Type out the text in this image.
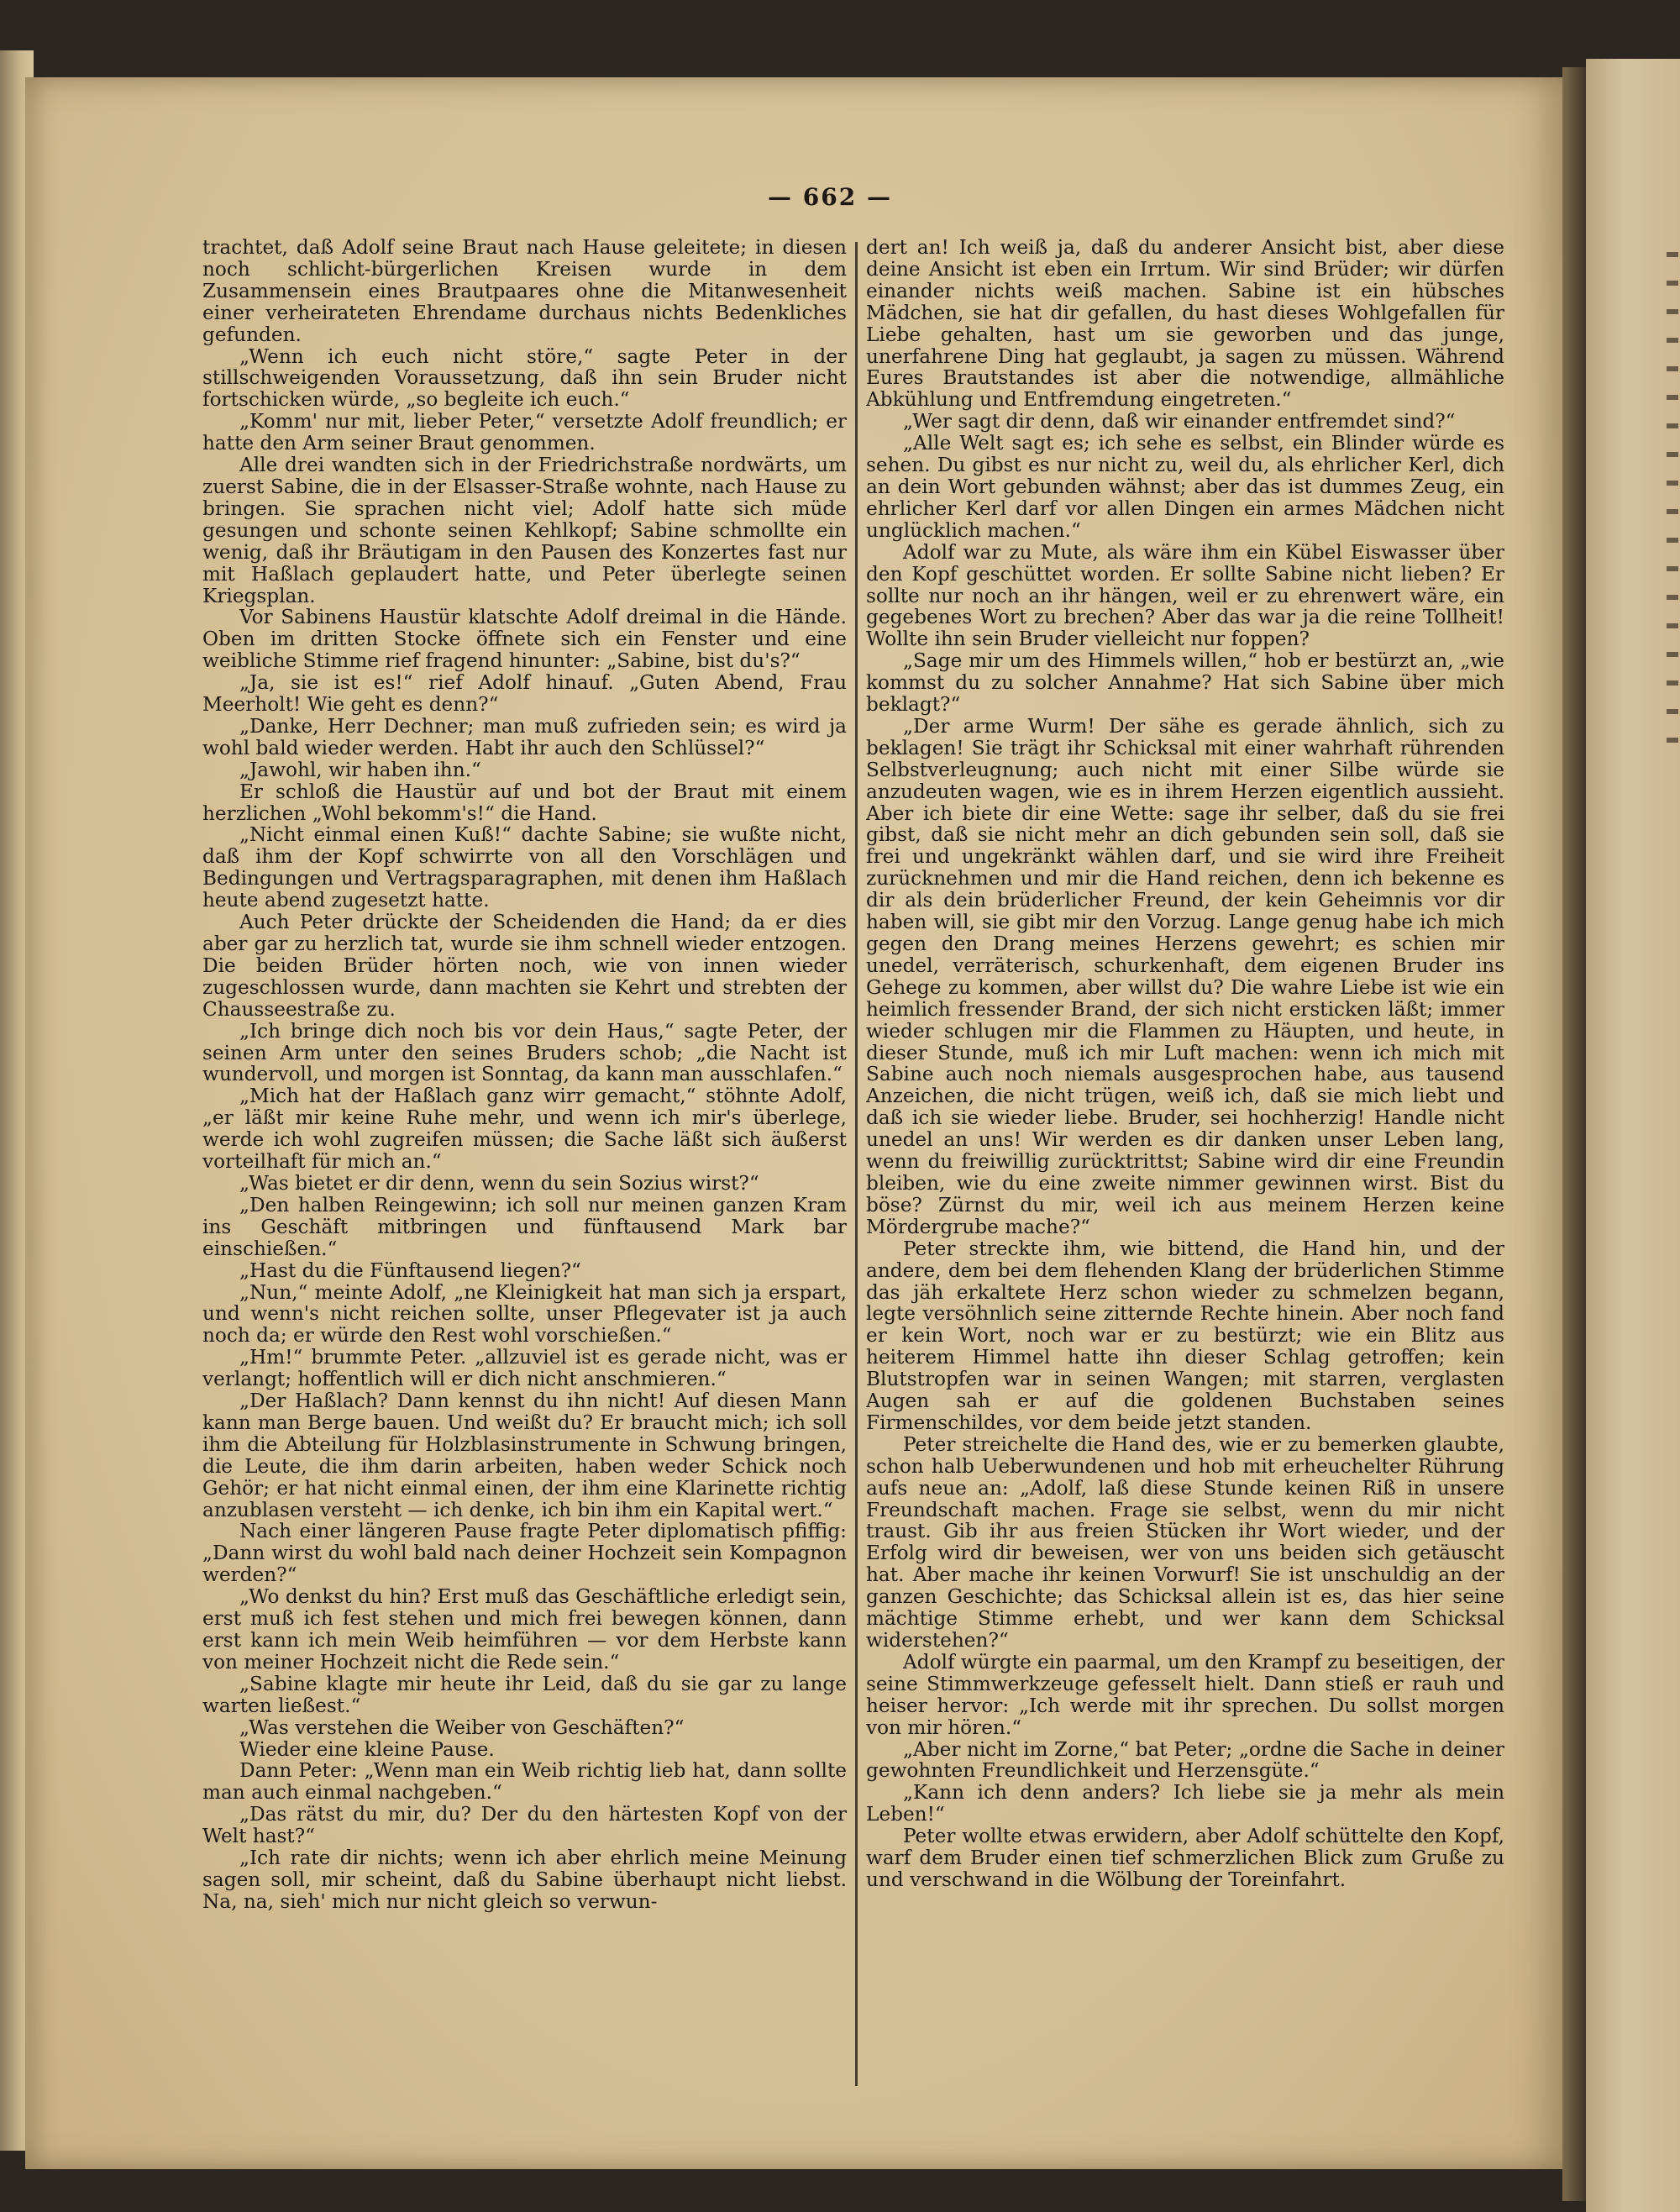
— 662 —

trachtet, daß Adolf seine Braut nach Hause geleitete; in diesen noch schlicht-bürgerlichen Kreisen wurde in dem Zusammensein eines Brautpaares ohne die Mitanwesenheit einer verheirateten Ehrendame durchaus nichts Bedenkliches gefunden.

„Wenn ich euch nicht störe,“ sagte Peter in der stillschweigenden Voraussetzung, daß ihn sein Bruder nicht fortschicken würde, „so begleite ich euch.“

„Komm' nur mit, lieber Peter,“ versetzte Adolf freundlich; er hatte den Arm seiner Braut genommen.

Alle drei wandten sich in der Friedrichstraße nordwärts, um zuerst Sabine, die in der Elsasser-Straße wohnte, nach Hause zu bringen. Sie sprachen nicht viel; Adolf hatte sich müde gesungen und schonte seinen Kehlkopf; Sabine schmollte ein wenig, daß ihr Bräutigam in den Pausen des Konzertes fast nur mit Haßlach geplaudert hatte, und Peter überlegte seinen Kriegsplan.

Vor Sabinens Haustür klatschte Adolf dreimal in die Hände. Oben im dritten Stocke öffnete sich ein Fenster und eine weibliche Stimme rief fragend hinunter: „Sabine, bist du's?“

„Ja, sie ist es!“ rief Adolf hinauf. „Guten Abend, Frau Meerholt! Wie geht es denn?“

„Danke, Herr Dechner; man muß zufrieden sein; es wird ja wohl bald wieder werden. Habt ihr auch den Schlüssel?“

„Jawohl, wir haben ihn.“

Er schloß die Haustür auf und bot der Braut mit einem herzlichen „Wohl bekomm's!“ die Hand.

„Nicht einmal einen Kuß!“ dachte Sabine; sie wußte nicht, daß ihm der Kopf schwirrte von all den Vorschlägen und Bedingungen und Vertragsparagraphen, mit denen ihm Haßlach heute abend zugesetzt hatte.

Auch Peter drückte der Scheidenden die Hand; da er dies aber gar zu herzlich tat, wurde sie ihm schnell wieder entzogen. Die beiden Brüder hörten noch, wie von innen wieder zugeschlossen wurde, dann machten sie Kehrt und strebten der Chausseestraße zu.

„Ich bringe dich noch bis vor dein Haus,“ sagte Peter, der seinen Arm unter den seines Bruders schob; „die Nacht ist wundervoll, und morgen ist Sonntag, da kann man ausschlafen.“

„Mich hat der Haßlach ganz wirr gemacht,“ stöhnte Adolf, „er läßt mir keine Ruhe mehr, und wenn ich mir's überlege, werde ich wohl zugreifen müssen; die Sache läßt sich äußerst vorteilhaft für mich an.“

„Was bietet er dir denn, wenn du sein Sozius wirst?“

„Den halben Reingewinn; ich soll nur meinen ganzen Kram ins Geschäft mitbringen und fünftausend Mark bar einschießen.“

„Hast du die Fünftausend liegen?“

„Nun,“ meinte Adolf, „ne Kleinigkeit hat man sich ja erspart, und wenn's nicht reichen sollte, unser Pflegevater ist ja auch noch da; er würde den Rest wohl vorschießen.“

„Hm!“ brummte Peter. „allzuviel ist es gerade nicht, was er verlangt; hoffentlich will er dich nicht anschmieren.“

„Der Haßlach? Dann kennst du ihn nicht! Auf diesen Mann kann man Berge bauen. Und weißt du? Er braucht mich; ich soll ihm die Abteilung für Holzblasinstrumente in Schwung bringen, die Leute, die ihm darin arbeiten, haben weder Schick noch Gehör; er hat nicht einmal einen, der ihm eine Klarinette richtig anzublasen versteht — ich denke, ich bin ihm ein Kapital wert.“

Nach einer längeren Pause fragte Peter diplomatisch pfiffig: „Dann wirst du wohl bald nach deiner Hochzeit sein Kompagnon werden?“

„Wo denkst du hin? Erst muß das Geschäftliche erledigt sein, erst muß ich fest stehen und mich frei bewegen können, dann erst kann ich mein Weib heimführen — vor dem Herbste kann von meiner Hochzeit nicht die Rede sein.“

„Sabine klagte mir heute ihr Leid, daß du sie gar zu lange warten ließest.“

„Was verstehen die Weiber von Geschäften?“

Wieder eine kleine Pause.

Dann Peter: „Wenn man ein Weib richtig lieb hat, dann sollte man auch einmal nachgeben.“

„Das rätst du mir, du? Der du den härtesten Kopf von der Welt hast?“

„Ich rate dir nichts; wenn ich aber ehrlich meine Meinung sagen soll, mir scheint, daß du Sabine überhaupt nicht liebst. Na, na, sieh' mich nur nicht gleich so verwun-

dert an! Ich weiß ja, daß du anderer Ansicht bist, aber diese deine Ansicht ist eben ein Irrtum. Wir sind Brüder; wir dürfen einander nichts weiß machen. Sabine ist ein hübsches Mädchen, sie hat dir gefallen, du hast dieses Wohlgefallen für Liebe gehalten, hast um sie geworben und das junge, unerfahrene Ding hat geglaubt, ja sagen zu müssen. Während Eures Brautstandes ist aber die notwendige, allmähliche Abkühlung und Entfremdung eingetreten.“

„Wer sagt dir denn, daß wir einander entfremdet sind?“

„Alle Welt sagt es; ich sehe es selbst, ein Blinder würde es sehen. Du gibst es nur nicht zu, weil du, als ehrlicher Kerl, dich an dein Wort gebunden wähnst; aber das ist dummes Zeug, ein ehrlicher Kerl darf vor allen Dingen ein armes Mädchen nicht unglücklich machen.“

Adolf war zu Mute, als wäre ihm ein Kübel Eiswasser über den Kopf geschüttet worden. Er sollte Sabine nicht lieben? Er sollte nur noch an ihr hängen, weil er zu ehrenwert wäre, ein gegebenes Wort zu brechen? Aber das war ja die reine Tollheit! Wollte ihn sein Bruder vielleicht nur foppen?

„Sage mir um des Himmels willen,“ hob er bestürzt an, „wie kommst du zu solcher Annahme? Hat sich Sabine über mich beklagt?“

„Der arme Wurm! Der sähe es gerade ähnlich, sich zu beklagen! Sie trägt ihr Schicksal mit einer wahrhaft rührenden Selbstverleugnung; auch nicht mit einer Silbe würde sie anzudeuten wagen, wie es in ihrem Herzen eigentlich aussieht. Aber ich biete dir eine Wette: sage ihr selber, daß du sie frei gibst, daß sie nicht mehr an dich gebunden sein soll, daß sie frei und ungekränkt wählen darf, und sie wird ihre Freiheit zurücknehmen und mir die Hand reichen, denn ich bekenne es dir als dein brüderlicher Freund, der kein Geheimnis vor dir haben will, sie gibt mir den Vorzug. Lange genug habe ich mich gegen den Drang meines Herzens gewehrt; es schien mir unedel, verräterisch, schurkenhaft, dem eigenen Bruder ins Gehege zu kommen, aber willst du? Die wahre Liebe ist wie ein heimlich fressender Brand, der sich nicht ersticken läßt; immer wieder schlugen mir die Flammen zu Häupten, und heute, in dieser Stunde, muß ich mir Luft machen: wenn ich mich mit Sabine auch noch niemals ausgesprochen habe, aus tausend Anzeichen, die nicht trügen, weiß ich, daß sie mich liebt und daß ich sie wieder liebe. Bruder, sei hochherzig! Handle nicht unedel an uns! Wir werden es dir danken unser Leben lang, wenn du freiwillig zurücktrittst; Sabine wird dir eine Freundin bleiben, wie du eine zweite nimmer gewinnen wirst. Bist du böse? Zürnst du mir, weil ich aus meinem Herzen keine Mördergrube mache?“

Peter streckte ihm, wie bittend, die Hand hin, und der andere, dem bei dem flehenden Klang der brüderlichen Stimme das jäh erkaltete Herz schon wieder zu schmelzen begann, legte versöhnlich seine zitternde Rechte hinein. Aber noch fand er kein Wort, noch war er zu bestürzt; wie ein Blitz aus heiterem Himmel hatte ihn dieser Schlag getroffen; kein Blutstropfen war in seinen Wangen; mit starren, verglasten Augen sah er auf die goldenen Buchstaben seines Firmenschildes, vor dem beide jetzt standen.

Peter streichelte die Hand des, wie er zu bemerken glaubte, schon halb Ueberwundenen und hob mit erheuchelter Rührung aufs neue an: „Adolf, laß diese Stunde keinen Riß in unsere Freundschaft machen. Frage sie selbst, wenn du mir nicht traust. Gib ihr aus freien Stücken ihr Wort wieder, und der Erfolg wird dir beweisen, wer von uns beiden sich getäuscht hat. Aber mache ihr keinen Vorwurf! Sie ist unschuldig an der ganzen Geschichte; das Schicksal allein ist es, das hier seine mächtige Stimme erhebt, und wer kann dem Schicksal widerstehen?“

Adolf würgte ein paarmal, um den Krampf zu beseitigen, der seine Stimmwerkzeuge gefesselt hielt. Dann stieß er rauh und heiser hervor: „Ich werde mit ihr sprechen. Du sollst morgen von mir hören.“

„Aber nicht im Zorne,“ bat Peter; „ordne die Sache in deiner gewohnten Freundlichkeit und Herzensgüte.“

„Kann ich denn anders? Ich liebe sie ja mehr als mein Leben!“

Peter wollte etwas erwidern, aber Adolf schüttelte den Kopf, warf dem Bruder einen tief schmerzlichen Blick zum Gruße zu und verschwand in die Wölbung der Toreinfahrt.
